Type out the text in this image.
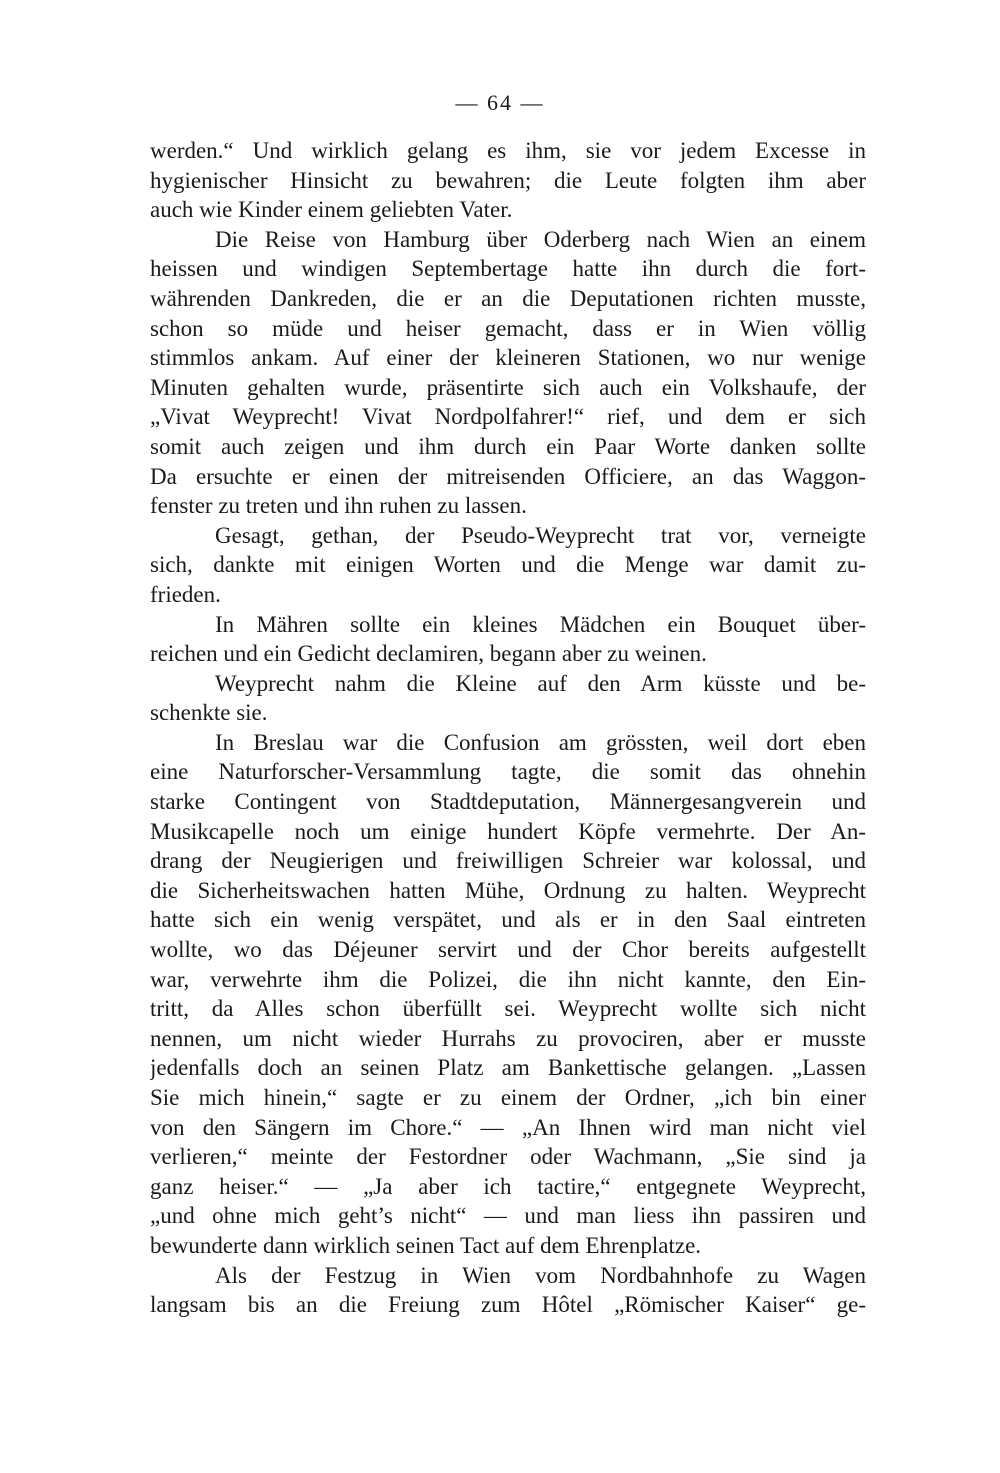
— 64 —
werden.“ Und wirklich gelang es ihm, sie vor jedem Excesse in
hygienischer Hinsicht zu bewahren; die Leute folgten ihm aber
auch wie Kinder einem geliebten Vater.
Die Reise von Hamburg über Oderberg nach Wien an einem
heissen und windigen Septembertage hatte ihn durch die fort-
währenden Dankreden, die er an die Deputationen richten musste,
schon so müde und heiser gemacht, dass er in Wien völlig
stimmlos ankam. Auf einer der kleineren Stationen, wo nur wenige
Minuten gehalten wurde, präsentirte sich auch ein Volkshaufe, der
„Vivat Weyprecht! Vivat Nordpolfahrer!“ rief, und dem er sich
somit auch zeigen und ihm durch ein Paar Worte danken sollte
Da ersuchte er einen der mitreisenden Officiere, an das Waggon-
fenster zu treten und ihn ruhen zu lassen.
Gesagt, gethan, der Pseudo-Weyprecht trat vor, verneigte
sich, dankte mit einigen Worten und die Menge war damit zu-
frieden.
In Mähren sollte ein kleines Mädchen ein Bouquet über-
reichen und ein Gedicht declamiren, begann aber zu weinen.
Weyprecht nahm die Kleine auf den Arm küsste und be-
schenkte sie.
In Breslau war die Confusion am grössten, weil dort eben
eine Naturforscher-Versammlung tagte, die somit das ohnehin
starke Contingent von Stadtdeputation, Männergesangverein und
Musikcapelle noch um einige hundert Köpfe vermehrte. Der An-
drang der Neugierigen und freiwilligen Schreier war kolossal, und
die Sicherheitswachen hatten Mühe, Ordnung zu halten. Weyprecht
hatte sich ein wenig verspätet, und als er in den Saal eintreten
wollte, wo das Déjeuner servirt und der Chor bereits aufgestellt
war, verwehrte ihm die Polizei, die ihn nicht kannte, den Ein-
tritt, da Alles schon überfüllt sei. Weyprecht wollte sich nicht
nennen, um nicht wieder Hurrahs zu provociren, aber er musste
jedenfalls doch an seinen Platz am Bankettische gelangen. „Lassen
Sie mich hinein,“ sagte er zu einem der Ordner, „ich bin einer
von den Sängern im Chore.“ — „An Ihnen wird man nicht viel
verlieren,“ meinte der Festordner oder Wachmann, „Sie sind ja
ganz heiser.“ — „Ja aber ich tactire,“ entgegnete Weyprecht,
„und ohne mich geht’s nicht“ — und man liess ihn passiren und
bewunderte dann wirklich seinen Tact auf dem Ehrenplatze.
Als der Festzug in Wien vom Nordbahnhofe zu Wagen
langsam bis an die Freiung zum Hôtel „Römischer Kaiser“ ge-
